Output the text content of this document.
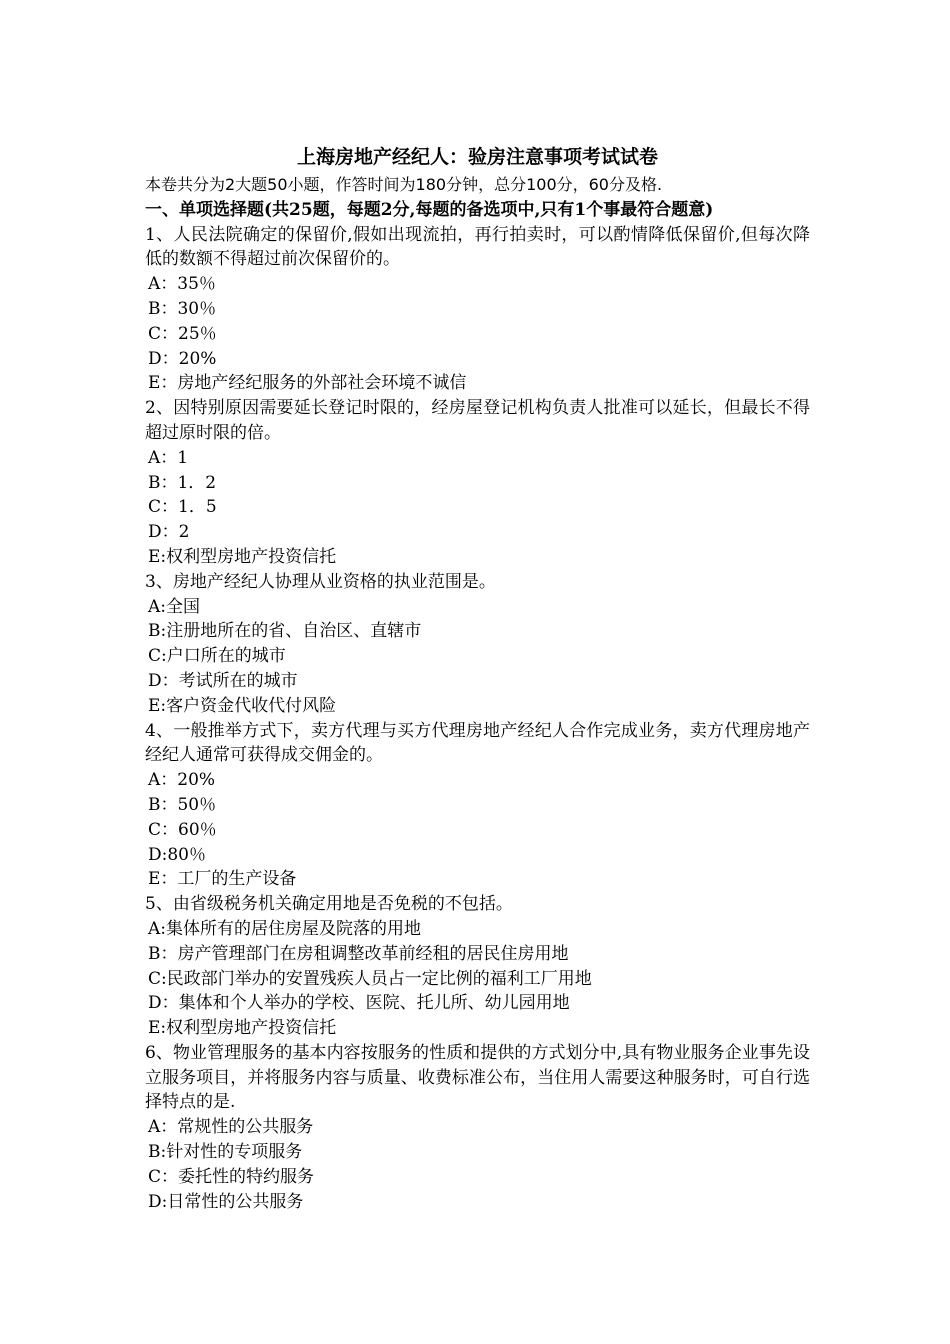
上海房地产经纪人：验房注意事项考试试卷
本卷共分为2大题50小题，作答时间为180分钟，总分100分，60分及格.
一、单项选择题(共25题，每题2分,每题的备选项中,只有1个事最符合题意)
1、人民法院确定的保留价,假如出现流拍，再行拍卖时，可以酌情降低保留价,但每次降低的数额不得超过前次保留价的。
A：35％
B：30％
C：25％
D：20%
E：房地产经纪服务的外部社会环境不诚信
2、因特别原因需要延长登记时限的，经房屋登记机构负责人批准可以延长，但最长不得超过原时限的倍。
A：1
B：1．2
C：1．5
D：2
E:权利型房地产投资信托
3、房地产经纪人协理从业资格的执业范围是。
A:全国
B:注册地所在的省、自治区、直辖市
C:户口所在的城市
D：考试所在的城市
E:客户资金代收代付风险
4、一般推举方式下，卖方代理与买方代理房地产经纪人合作完成业务，卖方代理房地产经纪人通常可获得成交佣金的。
A：20%
B：50％
C：60％
D:80％
E：工厂的生产设备
5、由省级税务机关确定用地是否免税的不包括。
A:集体所有的居住房屋及院落的用地
B：房产管理部门在房租调整改革前经租的居民住房用地
C:民政部门举办的安置残疾人员占一定比例的福利工厂用地
D：集体和个人举办的学校、医院、托儿所、幼儿园用地
E:权利型房地产投资信托
6、物业管理服务的基本内容按服务的性质和提供的方式划分中,具有物业服务企业事先设立服务项目，并将服务内容与质量、收费标准公布，当住用人需要这种服务时，可自行选择特点的是.
A：常规性的公共服务
B:针对性的专项服务
C：委托性的特约服务
D:日常性的公共服务
